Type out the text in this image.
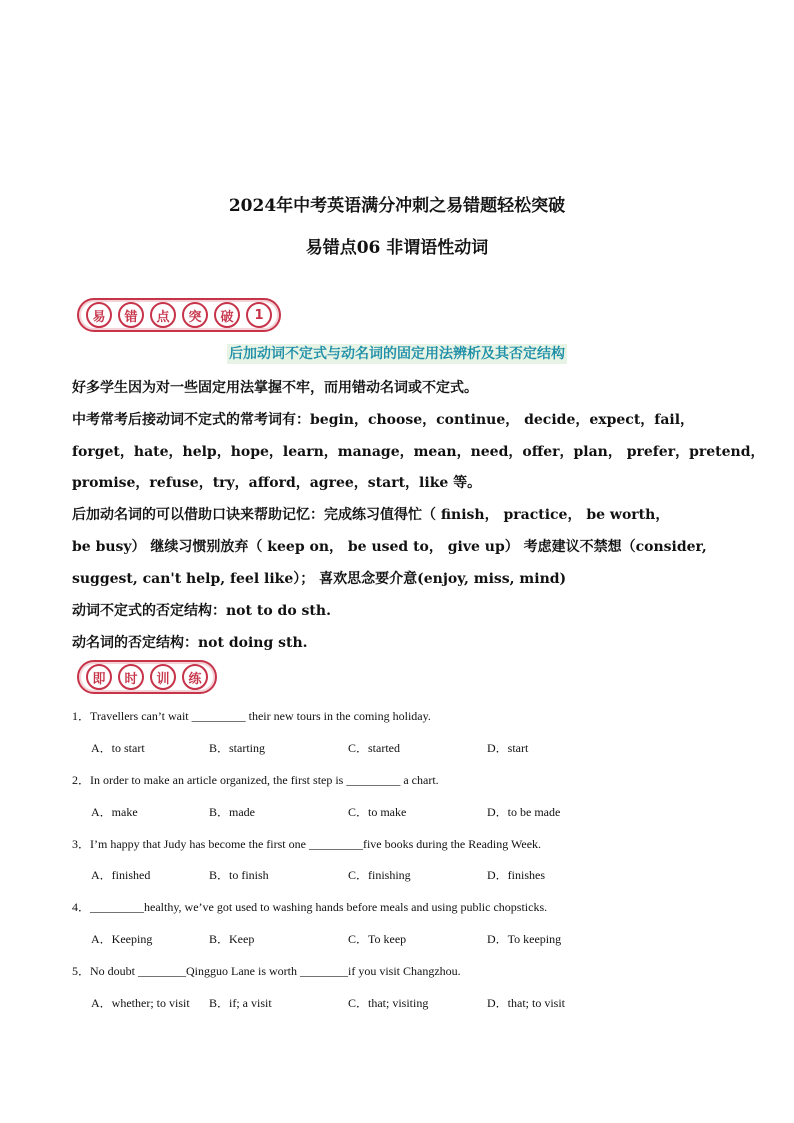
2024年中考英语满分冲刺之易错题轻松突破
易错点06 非谓语性动词
易	错	点	突	破	1
后加动词不定式与动名词的固定用法辨析及其否定结构
好多学生因为对一些固定用法掌握不牢，而用错动名词或不定式。
中考常考后接动词不定式的常考词有：begin，choose，continue， decide，expect，fail，
forget，hate，help，hope，learn，manage，mean，need，offer，plan， prefer，pretend，
promise，refuse，try，afford，agree，start，like 等。
后加动名词的可以借助口诀来帮助记忆：完成练习值得忙（ finish， practice， be worth，
be busy） 继续习惯别放弃（ keep on， be used to， give up） 考虑建议不禁想（consider,
suggest, can't help, feel like）； 喜欢思念要介意(enjoy, miss, mind)
动词不定式的否定结构：not to do sth.
动名词的否定结构：not doing sth.
即	时	训	练
1．Travellers can’t wait _________ their new tours in the coming holiday.
A．to start	B．starting	C．started	D．start
2．In order to make an article organized, the first step is _________ a chart.
A．make	B．made	C．to make	D．to be made
3．I’m happy that Judy has become the first one _________five books during the Reading Week.
A．finished	B．to finish	C．finishing	D．finishes
4．_________healthy, we’ve got used to washing hands before meals and using public chopsticks.
A．Keeping	B．Keep	C．To keep	D．To keeping
5．No doubt ________Qingguo Lane is worth ________if you visit Changzhou.
A．whether; to visit B．if; a visit	C．that; visiting	D．that; to visit
